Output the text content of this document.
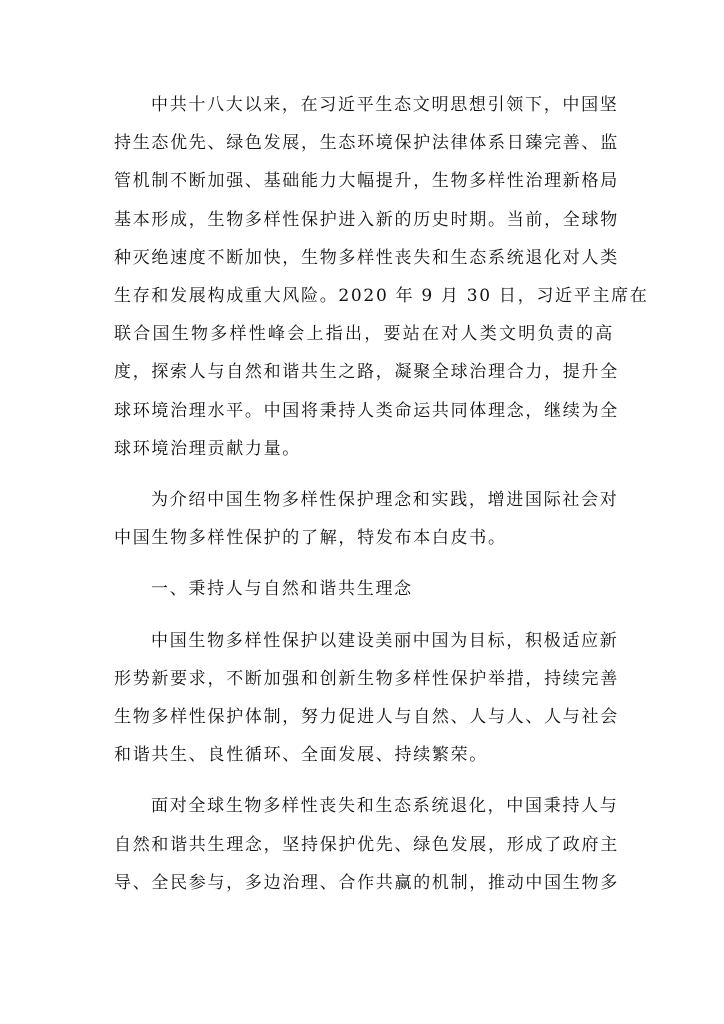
中共十八大以来，在习近平生态文明思想引领下，中国坚
持生态优先、绿色发展，生态环境保护法律体系日臻完善、监
管机制不断加强、基础能力大幅提升，生物多样性治理新格局
基本形成，生物多样性保护进入新的历史时期。当前，全球物
种灭绝速度不断加快，生物多样性丧失和生态系统退化对人类
生存和发展构成重大风险。2020 年 9 月 30 日，习近平主席在
联合国生物多样性峰会上指出，要站在对人类文明负责的高
度，探索人与自然和谐共生之路，凝聚全球治理合力，提升全
球环境治理水平。中国将秉持人类命运共同体理念，继续为全
球环境治理贡献力量。

为介绍中国生物多样性保护理念和实践，增进国际社会对
中国生物多样性保护的了解，特发布本白皮书。

一、秉持人与自然和谐共生理念

中国生物多样性保护以建设美丽中国为目标，积极适应新
形势新要求，不断加强和创新生物多样性保护举措，持续完善
生物多样性保护体制，努力促进人与自然、人与人、人与社会
和谐共生、良性循环、全面发展、持续繁荣。

面对全球生物多样性丧失和生态系统退化，中国秉持人与
自然和谐共生理念，坚持保护优先、绿色发展，形成了政府主
导、全民参与，多边治理、合作共赢的机制，推动中国生物多
